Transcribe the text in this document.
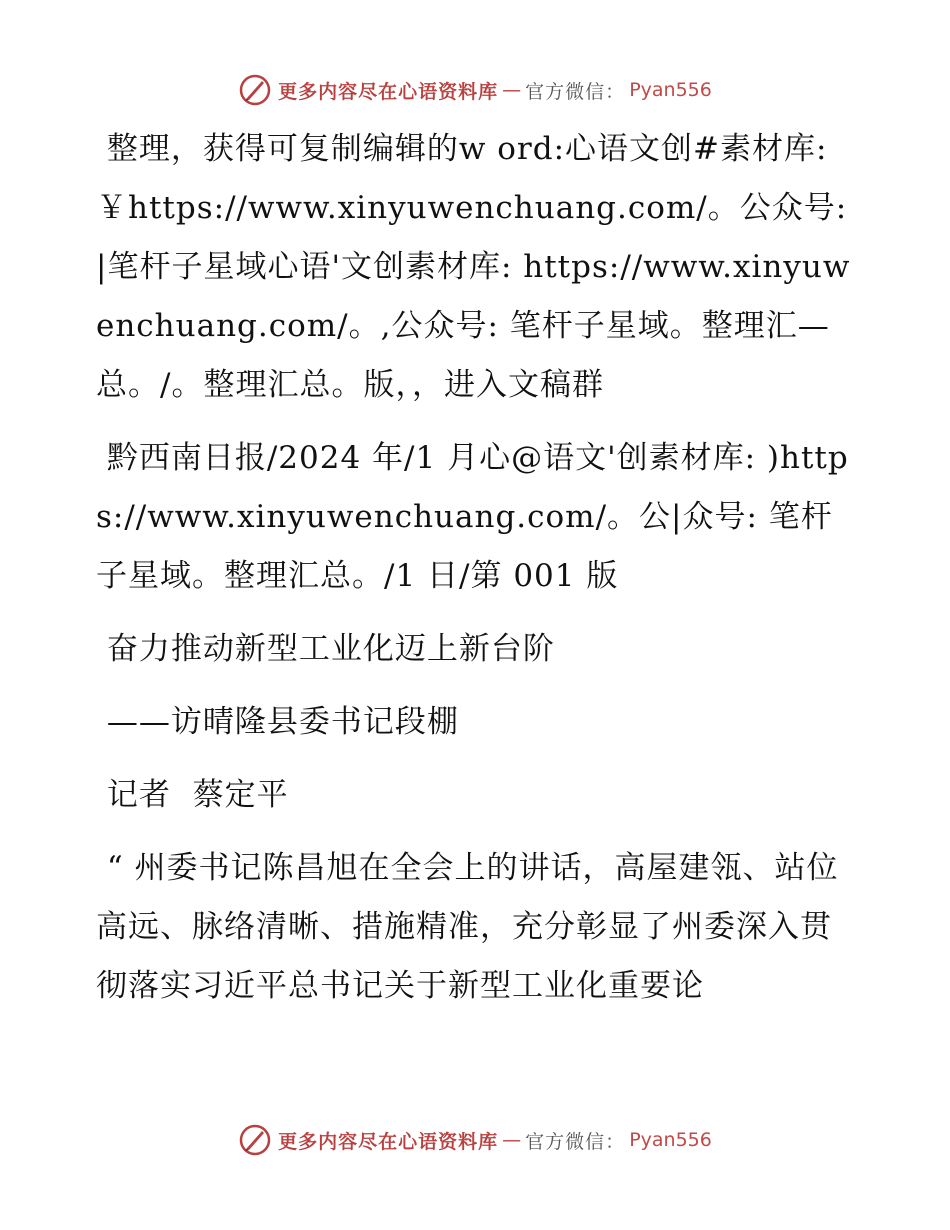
更多内容尽在心语资料库 — 官方微信： Pyan556

整理，获得可复制编辑的w ord:心语文创#素材库: ￥https://www.xinyuwenchuang.com/。公众号: |笔杆子星域心语'文创素材库: https://www.xinyuwenchuang.com/。,公众号: 笔杆子星域。整理汇—总。/。整理汇总。版，，进入文稿群

黔西南日报/2024 年/1 月心@语文'创素材库: )https://www.xinyuwenchuang.com/。公|众号: 笔杆子星域。整理汇总。/1 日/第 001 版

奋力推动新型工业化迈上新台阶

——访晴隆县委书记段棚

记者  蔡定平

“ 州委书记陈昌旭在全会上的讲话，高屋建瓴、站位高远、脉络清晰、措施精准，充分彰显了州委深入贯彻落实习近平总书记关于新型工业化重要论

更多内容尽在心语资料库 — 官方微信： Pyan556
